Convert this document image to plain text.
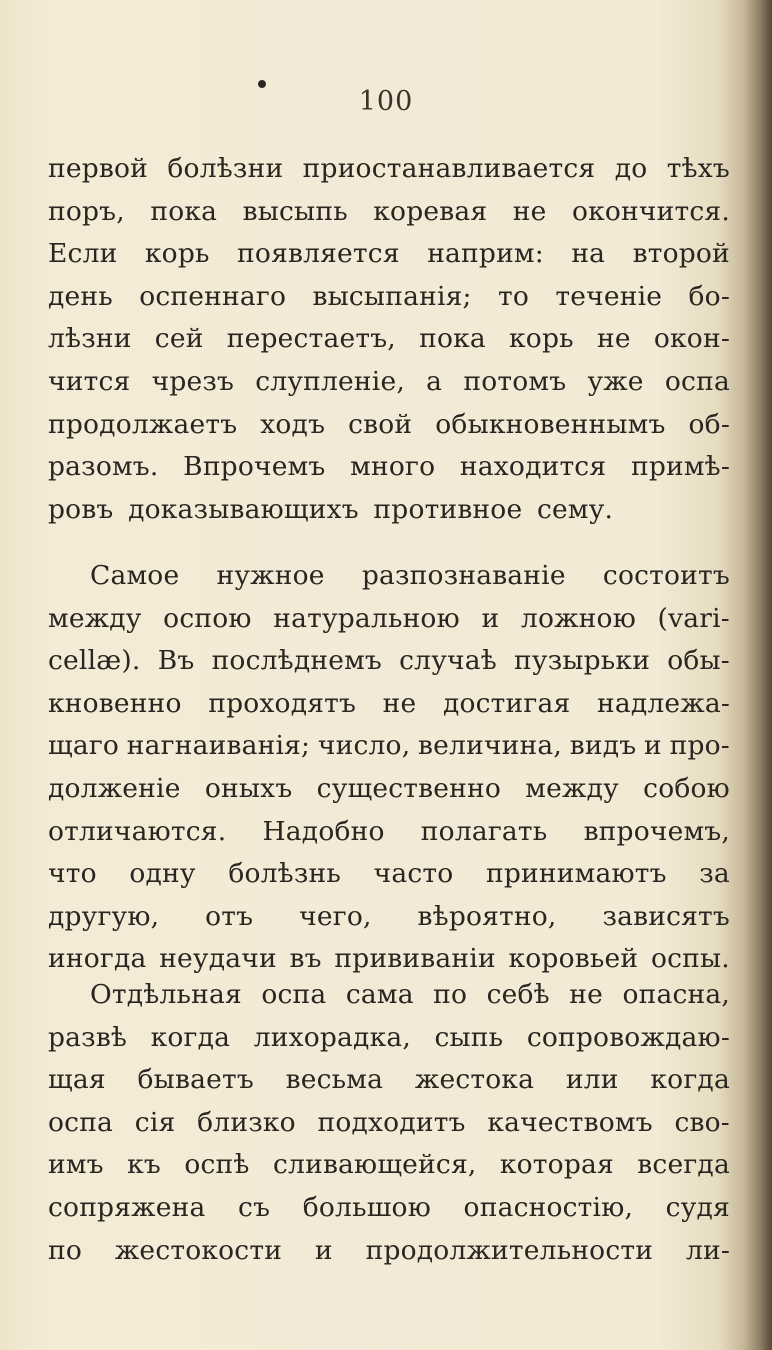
100
первой болѣзни приостанавливается до тѣхъ
поръ, пока высыпь коревая не окончится.
Если корь появляется наприм: на второй
день оспеннаго высыпанія; то теченіе бо-
лѣзни сей перестаетъ, пока корь не окон-
чится чрезъ слупленіе, а потомъ уже оспа
продолжаетъ ходъ свой обыкновеннымъ об-
разомъ. Впрочемъ много находится примѣ-
ровъ доказывающихъ противное сему.
Самое нужное разпознаваніе состоитъ
между оспою натуральною и ложною (vari-
cellæ). Въ послѣднемъ случаѣ пузырьки обы-
кновенно проходятъ не достигая надлежа-
щаго нагнаиванія; число, величина, видъ и про-
долженіе оныхъ существенно между собою
отличаются. Надобно полагать впрочемъ,
что одну болѣзнь часто принимаютъ за
другую, отъ чего, вѣроятно, зависятъ
иногда неудачи въ прививаніи коровьей оспы.
Отдѣльная оспа сама по себѣ не опасна,
развѣ когда лихорадка, сыпь сопровождаю-
щая бываетъ весьма жестока или когда
оспа сія близко подходитъ качествомъ сво-
имъ къ оспѣ сливающейся, которая всегда
сопряжена съ большою опасностію, судя
по жестокости и продолжительности ли-
